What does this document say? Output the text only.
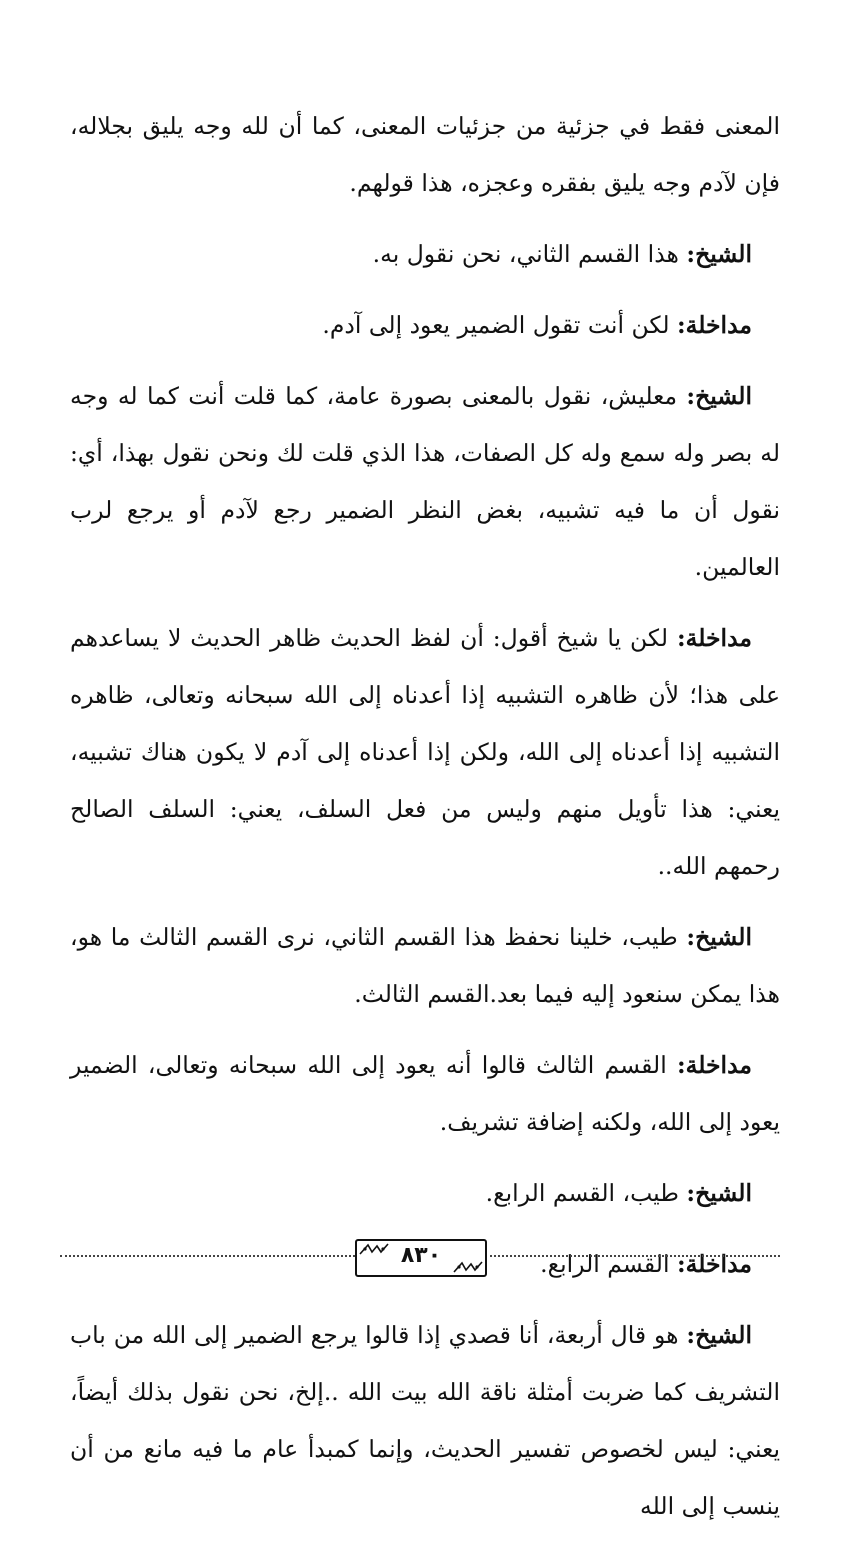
المعنى فقط في جزئية من جزئيات المعنى، كما أن لله وجه يليق بجلاله، فإن لآدم وجه يليق بفقره وعجزه، هذا قولهم.

الشيخ: هذا القسم الثاني، نحن نقول به.

مداخلة: لكن أنت تقول الضمير يعود إلى آدم.

الشيخ: معليش، نقول بالمعنى بصورة عامة، كما قلت أنت كما له وجه له بصر وله سمع وله كل الصفات، هذا الذي قلت لك ونحن نقول بهذا، أي: نقول أن ما فيه تشبيه، بغض النظر الضمير رجع لآدم أو يرجع لرب العالمين.

مداخلة: لكن يا شيخ أقول: أن لفظ الحديث ظاهر الحديث لا يساعدهم على هذا؛ لأن ظاهره التشبيه إذا أعدناه إلى الله سبحانه وتعالى، ظاهره التشبيه إذا أعدناه إلى الله، ولكن إذا أعدناه إلى آدم لا يكون هناك تشبيه، يعني: هذا تأويل منهم وليس من فعل السلف، يعني: السلف الصالح رحمهم الله..

الشيخ: طيب، خلينا نحفظ هذا القسم الثاني، نرى القسم الثالث ما هو، هذا يمكن سنعود إليه فيما بعد.القسم الثالث.

مداخلة: القسم الثالث قالوا أنه يعود إلى الله سبحانه وتعالى، الضمير يعود إلى الله، ولكنه إضافة تشريف.

الشيخ: طيب، القسم الرابع.

مداخلة: القسم الرابع.

الشيخ: هو قال أربعة، أنا قصدي إذا قالوا يرجع الضمير إلى الله من باب التشريف كما ضربت أمثلة ناقة الله بيت الله ..إلخ، نحن نقول بذلك أيضاً، يعني: ليس لخصوص تفسير الحديث، وإنما كمبدأ عام ما فيه مانع من أن ينسب إلى الله

٨٣٠
